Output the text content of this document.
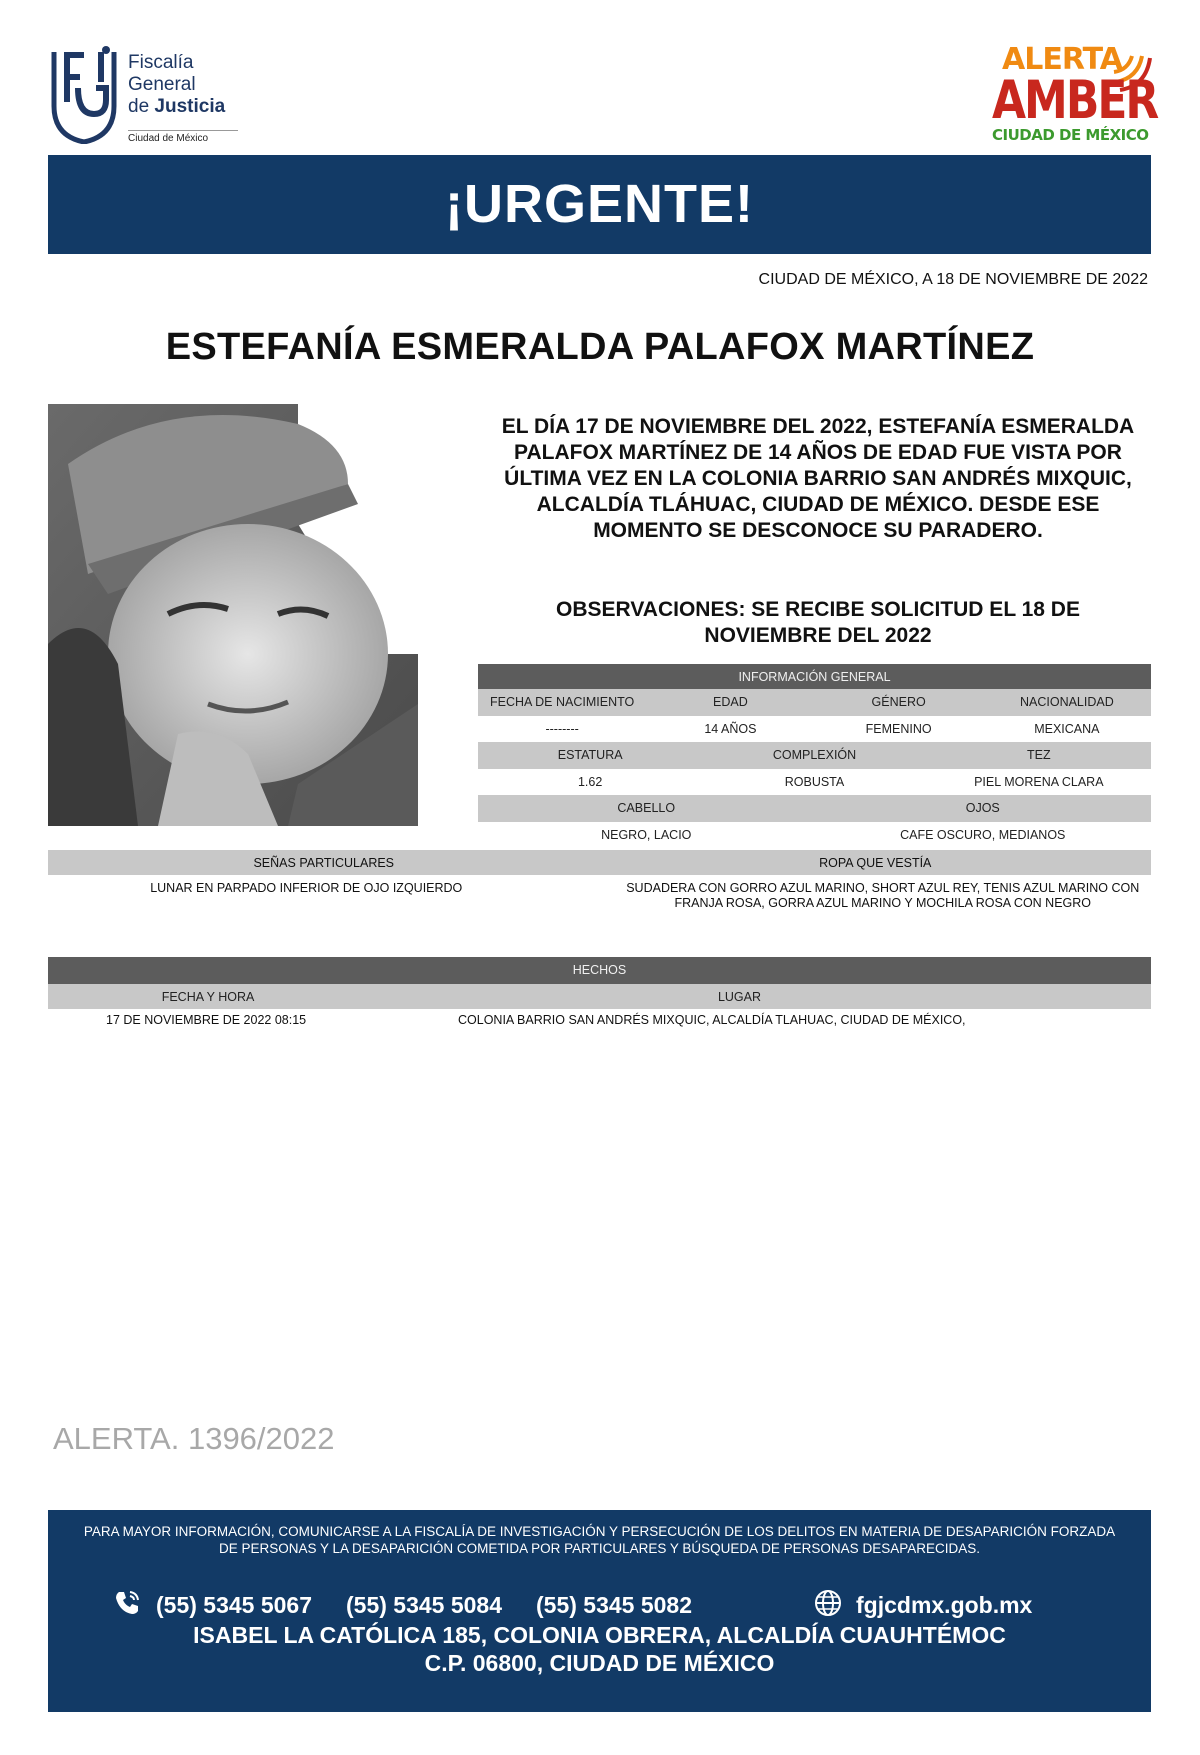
Fiscalía
General
de Justicia
Ciudad de México
ALERTA
AMBER
CIUDAD DE MÉXICO
¡URGENTE!
CIUDAD DE MÉXICO, A 18 DE NOVIEMBRE DE 2022
ESTEFANÍA ESMERALDA PALAFOX MARTÍNEZ
EL DÍA 17 DE NOVIEMBRE DEL 2022, ESTEFANÍA ESMERALDA PALAFOX MARTÍNEZ DE 14 AÑOS DE EDAD FUE VISTA POR ÚLTIMA VEZ EN LA COLONIA BARRIO SAN ANDRÉS MIXQUIC, ALCALDÍA TLÁHUAC, CIUDAD DE MÉXICO. DESDE ESE MOMENTO SE DESCONOCE SU PARADERO.
OBSERVACIONES: SE RECIBE SOLICITUD EL 18 DE NOVIEMBRE DEL 2022
INFORMACIÓN GENERAL
FECHA DE NACIMIENTO	EDAD	GÉNERO	NACIONALIDAD
--------	14 AÑOS	FEMENINO	MEXICANA
ESTATURA	COMPLEXIÓN	TEZ
1.62	ROBUSTA	PIEL MORENA CLARA
CABELLO	OJOS
NEGRO, LACIO	CAFE OSCURO, MEDIANOS
SEÑAS PARTICULARES	ROPA QUE VESTÍA
LUNAR EN PARPADO INFERIOR DE OJO IZQUIERDO	SUDADERA CON GORRO AZUL MARINO, SHORT AZUL REY, TENIS AZUL MARINO CON FRANJA ROSA, GORRA AZUL MARINO Y MOCHILA ROSA CON NEGRO
HECHOS
FECHA Y HORA	LUGAR
17 DE NOVIEMBRE DE 2022 08:15	COLONIA BARRIO SAN ANDRÉS MIXQUIC, ALCALDÍA TLAHUAC, CIUDAD DE MÉXICO,
ALERTA. 1396/2022
PARA MAYOR INFORMACIÓN, COMUNICARSE A LA FISCALÍA DE INVESTIGACIÓN Y PERSECUCIÓN DE LOS DELITOS EN MATERIA DE DESAPARICIÓN FORZADA DE PERSONAS Y LA DESAPARICIÓN COMETIDA POR PARTICULARES Y BÚSQUEDA DE PERSONAS DESAPARECIDAS.
(55) 5345 5067 (55) 5345 5084 (55) 5345 5082	fgjcdmx.gob.mx
ISABEL LA CATÓLICA 185, COLONIA OBRERA, ALCALDÍA CUAUHTÉMOC
C.P. 06800, CIUDAD DE MÉXICO
